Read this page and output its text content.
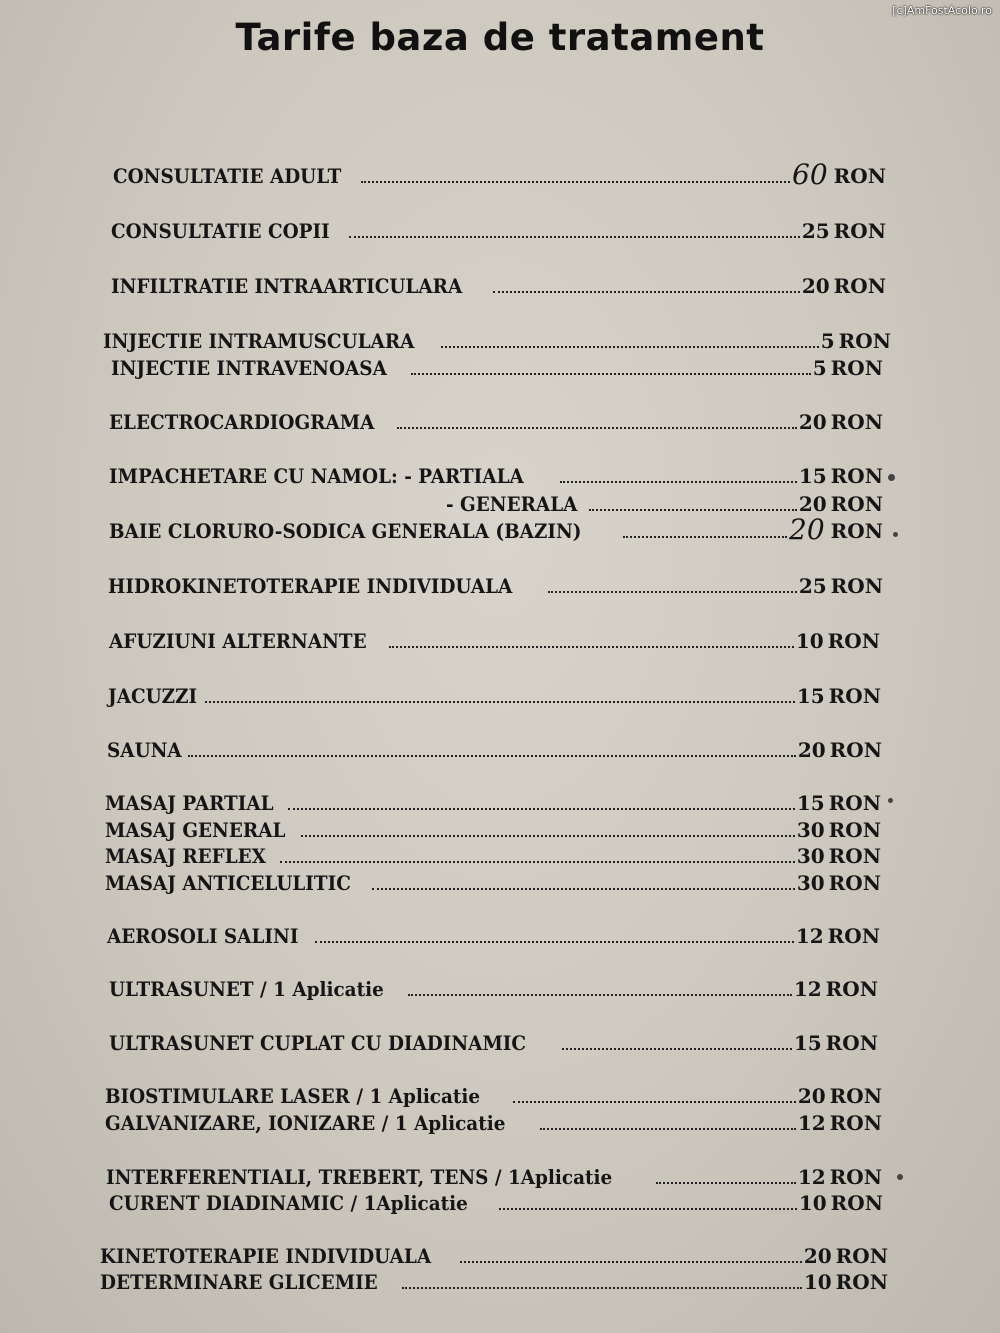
[c]AmFostAcolo.ro
Tarife baza de tratament
CONSULTATIE ADULT	60 RON
CONSULTATIE COPII	25 RON
INFILTRATIE INTRAARTICULARA	20 RON
INJECTIE INTRAMUSCULARA	5 RON
INJECTIE INTRAVENOASA	5 RON
ELECTROCARDIOGRAMA	20 RON
IMPACHETARE CU NAMOL: - PARTIALA	15 RON
- GENERALA	20 RON
BAIE CLORURO-SODICA GENERALA (BAZIN)	20 RON
HIDROKINETOTERAPIE INDIVIDUALA	25 RON
AFUZIUNI ALTERNANTE	10 RON
JACUZZI	15 RON
SAUNA	20 RON
MASAJ PARTIAL	15 RON
MASAJ GENERAL	30 RON
MASAJ REFLEX	30 RON
MASAJ ANTICELULITIC	30 RON
AEROSOLI SALINI	12 RON
ULTRASUNET / 1 Aplicatie	12 RON
ULTRASUNET CUPLAT CU DIADINAMIC	15 RON
BIOSTIMULARE LASER / 1 Aplicatie	20 RON
GALVANIZARE, IONIZARE / 1 Aplicatie	12 RON
INTERFERENTIALI, TREBERT, TENS / 1Aplicatie	12 RON
CURENT DIADINAMIC / 1Aplicatie	10 RON
KINETOTERAPIE INDIVIDUALA	20 RON
DETERMINARE GLICEMIE	10 RON
